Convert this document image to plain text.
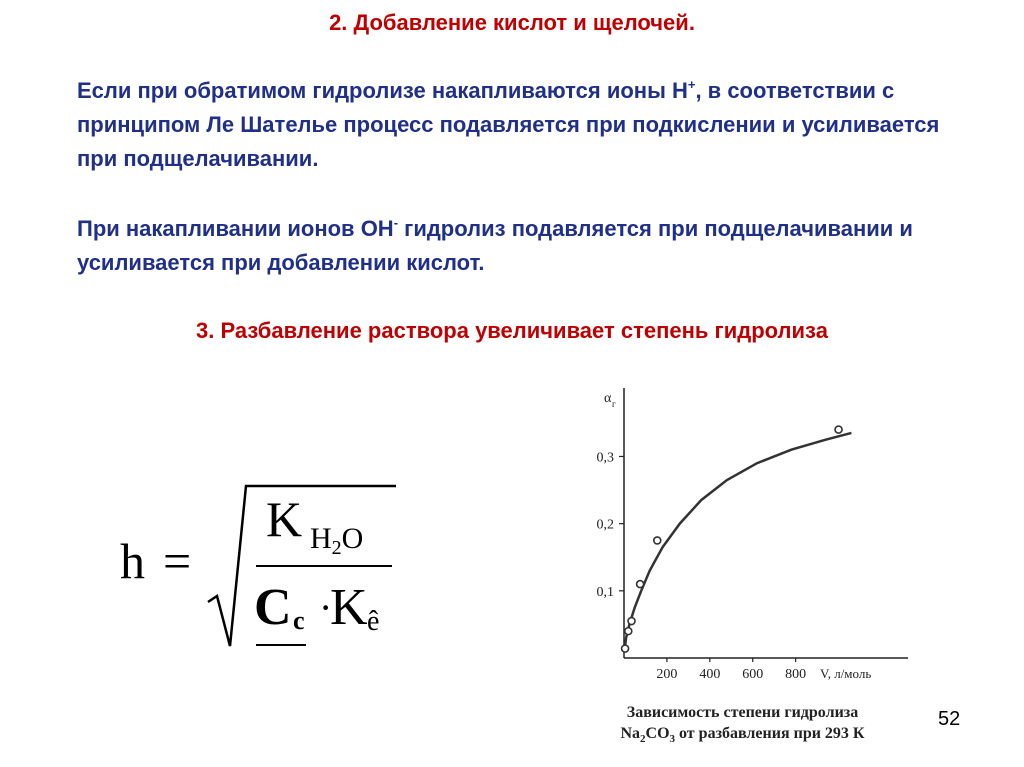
2. Добавление кислот и щелочей.
Если при обратимом гидролизе накапливаются ионы Н+, в соответствии с принципом Ле Шателье процесс подавляется при подкислении и усиливается при подщелачивании.
При накапливании ионов ОН- гидролиз подавляется при подщелачивании и усиливается при добавлении кислот.
3. Разбавление раствора увеличивает степень гидролиза
h =
K $H_2O$
C c ·
K ê
0,1
0,2
0,3
200 400 600 800 V, л/моль
α г
Зависимость степени гидролиза
$Na_2CO_3$ от разбавления при 293 К
52
